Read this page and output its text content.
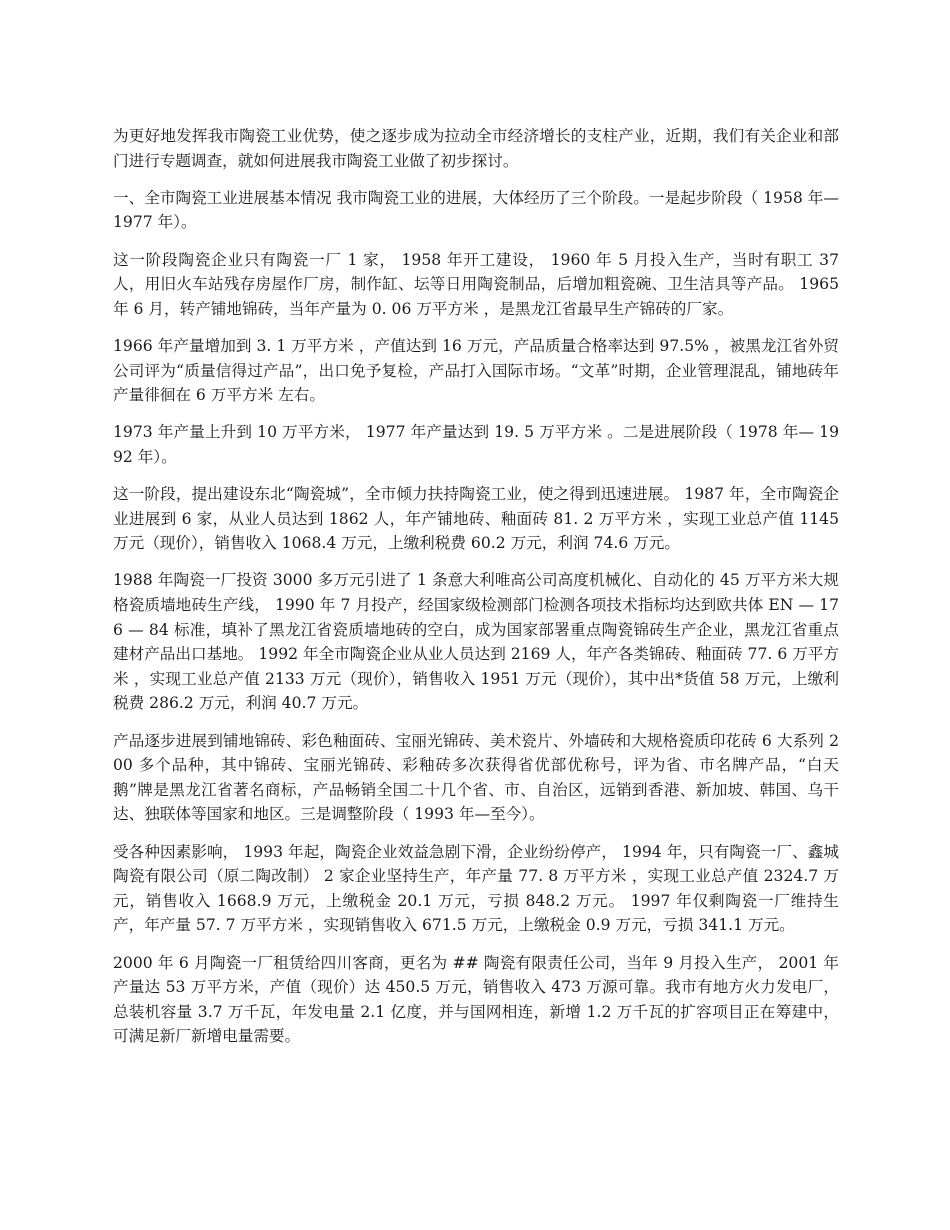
为更好地发挥我市陶瓷工业优势，使之逐步成为拉动全市经济增长的支柱产业，近期，我们有关企业和部门进行专题调查，就如何进展我市陶瓷工业做了初步探讨。

一、全市陶瓷工业进展基本情况 我市陶瓷工业的进展，大体经历了三个阶段。一是起步阶段（ 1958 年— 1977 年）。

这一阶段陶瓷企业只有陶瓷一厂 1 家， 1958 年开工建设， 1960 年 5 月投入生产，当时有职工 37 人，用旧火车站残存房屋作厂房，制作缸、坛等日用陶瓷制品，后增加粗瓷碗、卫生洁具等产品。 1965 年 6 月，转产铺地锦砖，当年产量为 0. 06 万平方米 ，是黑龙江省最早生产锦砖的厂家。

1966 年产量增加到 3. 1 万平方米 ，产值达到 16 万元，产品质量合格率达到 97.5% ，被黑龙江省外贸公司评为“质量信得过产品”，出口免予复检，产品打入国际市场。“文革”时期，企业管理混乱，铺地砖年产量徘徊在 6 万平方米 左右。

1973 年产量上升到 10 万平方米， 1977 年产量达到 19. 5 万平方米 。二是进展阶段（ 1978 年— 1992 年）。

这一阶段，提出建设东北“陶瓷城”，全市倾力扶持陶瓷工业，使之得到迅速进展。 1987 年，全市陶瓷企业进展到 6 家，从业人员达到 1862 人，年产铺地砖、釉面砖 81. 2 万平方米 ，实现工业总产值 1145 万元（现价），销售收入 1068.4 万元，上缴利税费 60.2 万元，利润 74.6 万元。

1988 年陶瓷一厂投资 3000 多万元引进了 1 条意大利唯高公司高度机械化、自动化的 45 万平方米大规格瓷质墙地砖生产线， 1990 年 7 月投产，经国家级检测部门检测各项技术指标均达到欧共体 EN — 176 — 84 标准，填补了黑龙江省瓷质墙地砖的空白，成为国家部署重点陶瓷锦砖生产企业，黑龙江省重点建材产品出口基地。 1992 年全市陶瓷企业从业人员达到 2169 人，年产各类锦砖、釉面砖 77. 6 万平方米 ，实现工业总产值 2133 万元（现价），销售收入 1951 万元（现价），其中出*货值 58 万元，上缴利税费 286.2 万元，利润 40.7 万元。

产品逐步进展到铺地锦砖、彩色釉面砖、宝丽光锦砖、美术瓷片、外墙砖和大规格瓷质印花砖 6 大系列 200 多个品种，其中锦砖、宝丽光锦砖、彩釉砖多次获得省优部优称号，评为省、市名牌产品，“白天鹅”牌是黑龙江省著名商标，产品畅销全国二十几个省、市、自治区，远销到香港、新加坡、韩国、乌干达、独联体等国家和地区。三是调整阶段（ 1993 年—至今）。

受各种因素影响， 1993 年起，陶瓷企业效益急剧下滑，企业纷纷停产， 1994 年，只有陶瓷一厂、鑫城陶瓷有限公司（原二陶改制） 2 家企业坚持生产，年产量 77. 8 万平方米 ，实现工业总产值 2324.7 万元，销售收入 1668.9 万元，上缴税金 20.1 万元，亏损 848.2 万元。 1997 年仅剩陶瓷一厂维持生产，年产量 57. 7 万平方米 ，实现销售收入 671.5 万元，上缴税金 0.9 万元，亏损 341.1 万元。

2000 年 6 月陶瓷一厂租赁给四川客商，更名为 ## 陶瓷有限责任公司，当年 9 月投入生产， 2001 年产量达 53 万平方米，产值（现价）达 450.5 万元，销售收入 473 万源可靠。我市有地方火力发电厂，总装机容量 3.7 万千瓦，年发电量 2.1 亿度，并与国网相连，新增 1.2 万千瓦的扩容项目正在筹建中，可满足新厂新增电量需要。
